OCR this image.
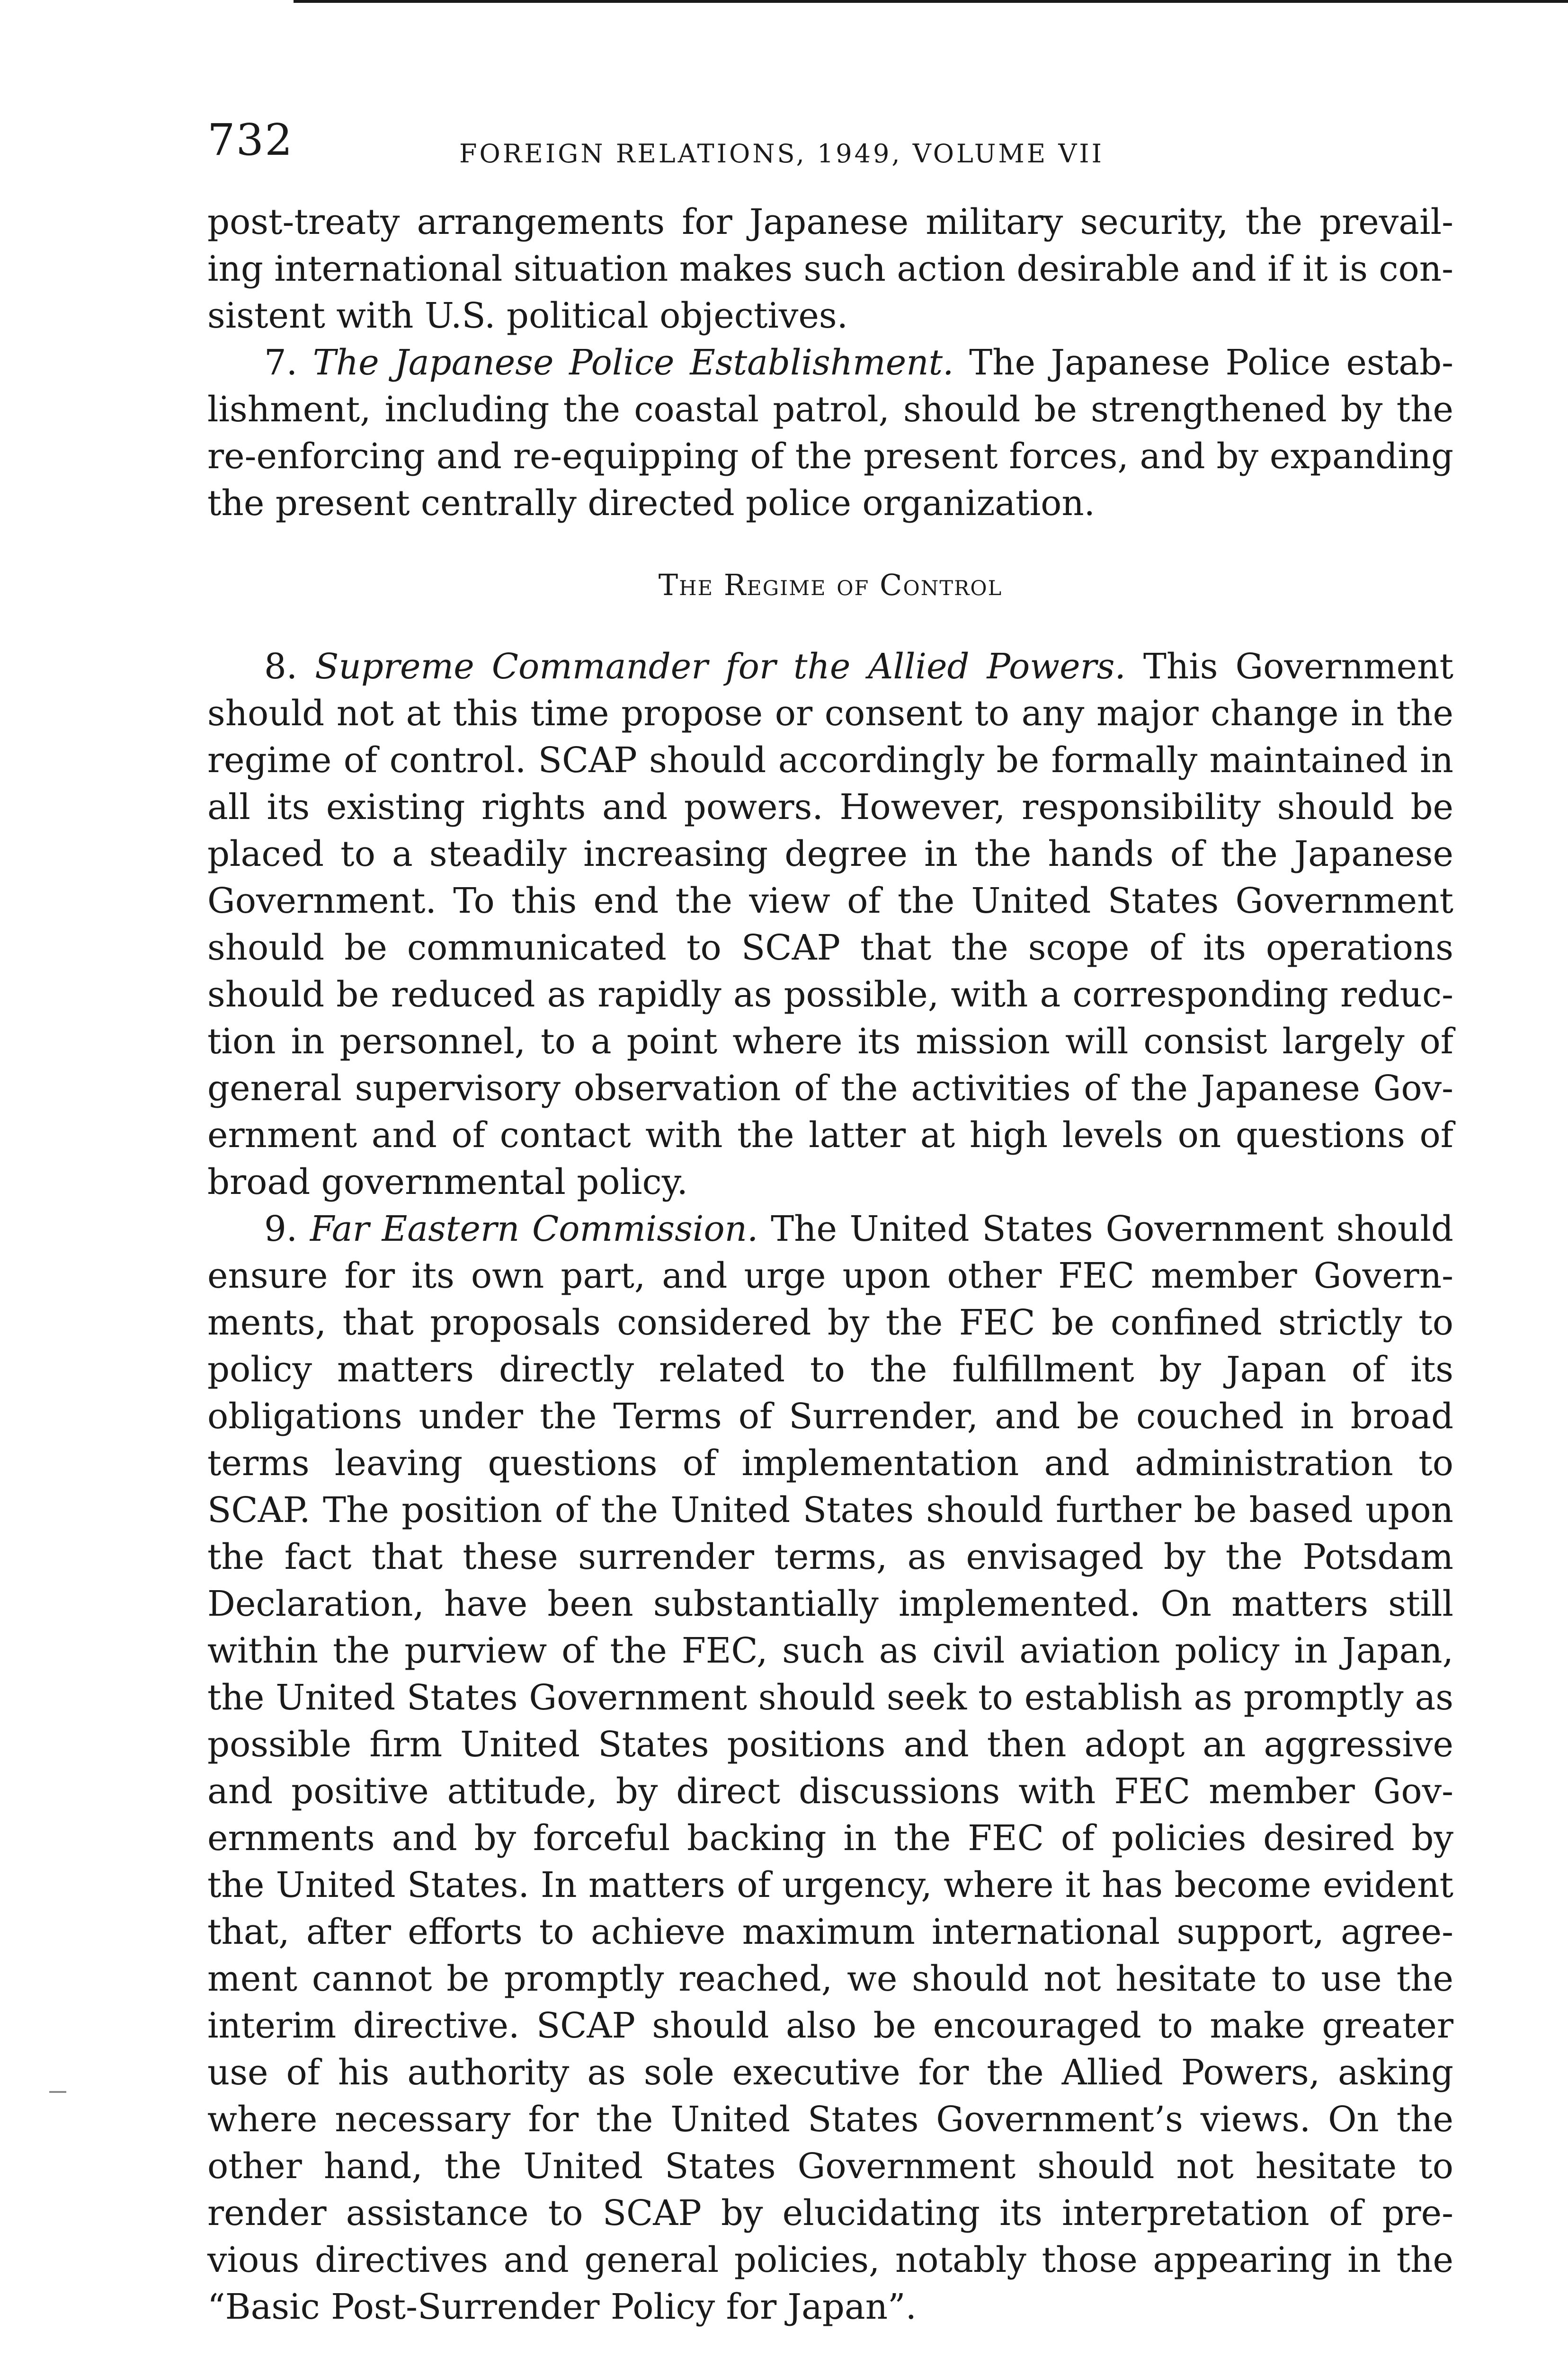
732	FOREIGN RELATIONS, 1949, VOLUME VII

post-treaty arrangements for Japanese military security, the prevailing international situation makes such action desirable and if it is consistent with U.S. political objectives.

7. The Japanese Police Establishment. The Japanese Police establishment, including the coastal patrol, should be strengthened by the re-enforcing and re-equipping of the present forces, and by expanding the present centrally directed police organization.

The Regime of Control

8. Supreme Commander for the Allied Powers. This Government should not at this time propose or consent to any major change in the regime of control. SCAP should accordingly be formally maintained in all its existing rights and powers. However, responsibility should be placed to a steadily increasing degree in the hands of the Japanese Government. To this end the view of the United States Government should be communicated to SCAP that the scope of its operations should be reduced as rapidly as possible, with a corresponding reduction in personnel, to a point where its mission will consist largely of general supervisory observation of the activities of the Japanese Government and of contact with the latter at high levels on questions of broad governmental policy.

9. Far Eastern Commission. The United States Government should ensure for its own part, and urge upon other FEC member Governments, that proposals considered by the FEC be confined strictly to policy matters directly related to the fulfillment by Japan of its obligations under the Terms of Surrender, and be couched in broad terms leaving questions of implementation and administration to SCAP. The position of the United States should further be based upon the fact that these surrender terms, as envisaged by the Potsdam Declaration, have been substantially implemented. On matters still within the purview of the FEC, such as civil aviation policy in Japan, the United States Government should seek to establish as promptly as possible firm United States positions and then adopt an aggressive and positive attitude, by direct discussions with FEC member Governments and by forceful backing in the FEC of policies desired by the United States. In matters of urgency, where it has become evident that, after efforts to achieve maximum international support, agreement cannot be promptly reached, we should not hesitate to use the interim directive. SCAP should also be encouraged to make greater use of his authority as sole executive for the Allied Powers, asking where necessary for the United States Government’s views. On the other hand, the United States Government should not hesitate to render assistance to SCAP by elucidating its interpretation of previous directives and general policies, notably those appearing in the “Basic Post-Surrender Policy for Japan”.
